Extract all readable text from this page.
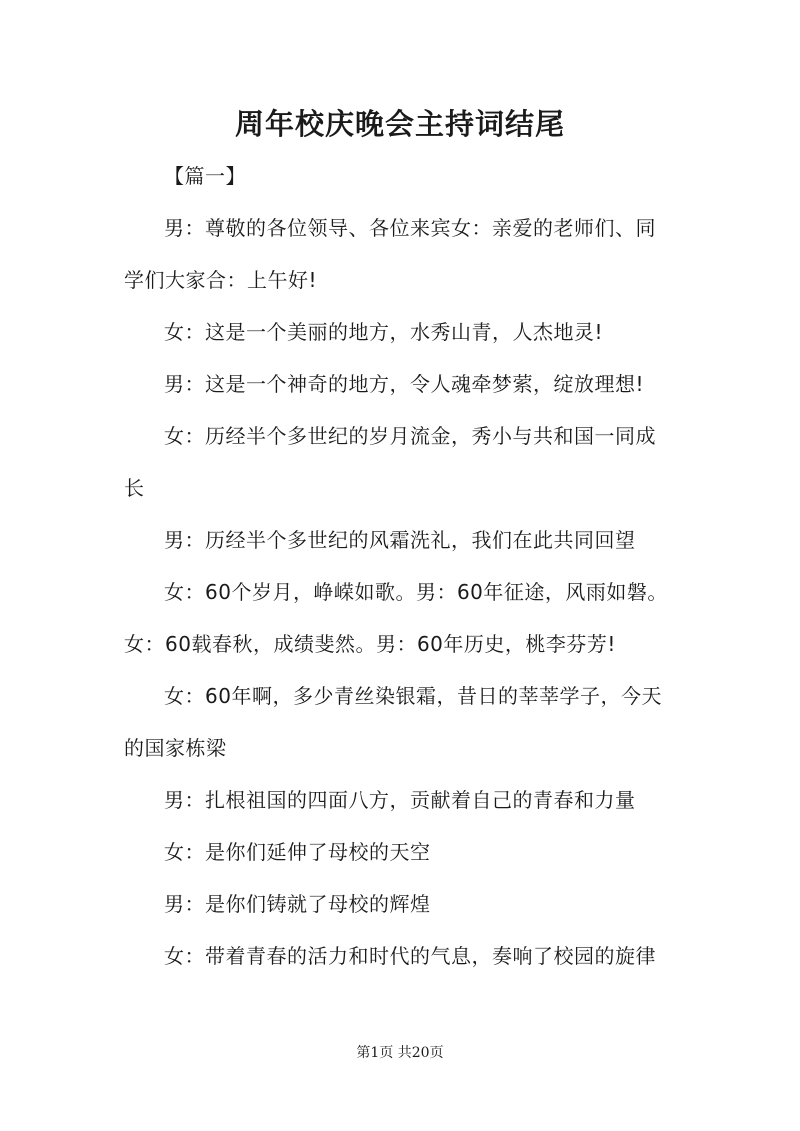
周年校庆晚会主持词结尾
【篇一】
男：尊敬的各位领导、各位来宾女：亲爱的老师们、同
学们大家合：上午好!
女：这是一个美丽的地方，水秀山青，人杰地灵!
男：这是一个神奇的地方，令人魂牵梦萦，绽放理想!
女：历经半个多世纪的岁月流金，秀小与共和国一同成
长
男：历经半个多世纪的风霜洗礼，我们在此共同回望
女：60个岁月，峥嵘如歌。男：60年征途，风雨如磐。
女：60载春秋，成绩斐然。男：60年历史，桃李芬芳!
女：60年啊，多少青丝染银霜，昔日的莘莘学子，今天
的国家栋梁
男：扎根祖国的四面八方，贡献着自己的青春和力量
女：是你们延伸了母校的天空
男：是你们铸就了母校的辉煌
女：带着青春的活力和时代的气息，奏响了校园的旋律
第1页 共20页
